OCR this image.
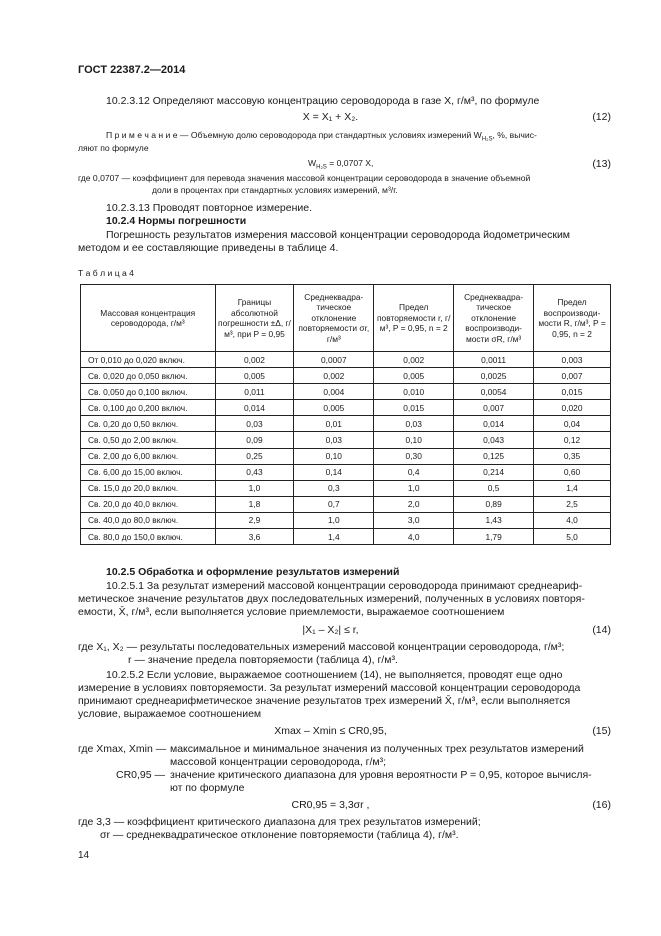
ГОСТ 22387.2—2014
10.2.3.12 Определяют массовую концентрацию сероводорода в газе X, г/м³, по формуле
X = X₁ + X₂.	(12)
П р и м е ч а н и е — Объемную долю сероводорода при стандартных условиях измерений $W_{H_2S}$, %, вычис-
ляют по формуле
$W_{H_2S} = 0,0707$ X,	(13)
где 0,0707 — коэффициент для перевода значения массовой концентрации сероводорода в значение объемной
доли в процентах при стандартных условиях измерений, м³/г.
10.2.3.13 Проводят повторное измерение.
10.2.4 Нормы погрешности
Погрешность результатов измерения массовой концентрации сероводорода йодометрическим
методом и ее составляющие приведены в таблице 4.
Т а б л и ц а 4
Массовая концентрация сероводорода, г/м³	Границы абсолютной погрешности ±Δ, г/м³, при P = 0,95	Среднеквадра-тическое отклонение повторяемости σr, г/м³	Предел повторяемости r, г/м³, P = 0,95, n = 2	Среднеквадра-тическое отклонение воспроизводи-мости σR, г/м³	Предел воспроизводи-мости R, г/м³, P = 0,95, n = 2
От 0,010 до 0,020 включ.	0,002	0,0007	0,002	0,0011	0,003
Св. 0,020 до 0,050 включ.	0,005	0,002	0,005	0,0025	0,007
Св. 0,050 до 0,100 включ.	0,011	0,004	0,010	0,0054	0,015
Св. 0,100 до 0,200 включ.	0,014	0,005	0,015	0,007	0,020
Св. 0,20 до 0,50 включ.	0,03	0,01	0,03	0,014	0,04
Св. 0,50 до 2,00 включ.	0,09	0,03	0,10	0,043	0,12
Св. 2,00 до 6,00 включ.	0,25	0,10	0,30	0,125	0,35
Св. 6,00 до 15,00 включ.	0,43	0,14	0,4	0,214	0,60
Св. 15,0 до 20,0 включ.	1,0	0,3	1,0	0,5	1,4
Св. 20,0 до 40,0 включ.	1,8	0,7	2,0	0,89	2,5
Св. 40,0 до 80,0 включ.	2,9	1,0	3,0	1,43	4,0
Св. 80,0 до 150,0 включ.	3,6	1,4	4,0	1,79	5,0
10.2.5 Обработка и оформление результатов измерений
10.2.5.1 За результат измерений массовой концентрации сероводорода принимают среднеариф-
метическое значение результатов двух последовательных измерений, полученных в условиях повторя-
емости, X̄, г/м³, если выполняется условие приемлемости, выражаемое соотношением
|X₁ – X₂| ≤ r,	(14)
где X₁, X₂ — результаты последовательных измерений массовой концентрации сероводорода, г/м³;
r — значение предела повторяемости (таблица 4), г/м³.
10.2.5.2 Если условие, выражаемое соотношением (14), не выполняется, проводят еще одно
измерение в условиях повторяемости. За результат измерений массовой концентрации сероводорода
принимают среднеарифметическое значение результатов трех измерений X̄, г/м³, если выполняется
условие, выражаемое соотношением
Xmax – Xmin ≤ CR0,95,	(15)
где Xmax, Xmin — максимальное и минимальное значения из полученных трех результатов измерений
массовой концентрации сероводорода, г/м³;
CR0,95 — значение критического диапазона для уровня вероятности P = 0,95, которое вычисля-
ют по формуле
CR0,95 = 3,3σr ,	(16)
где 3,3 — коэффициент критического диапазона для трех результатов измерений;
σr — среднеквадратическое отклонение повторяемости (таблица 4), г/м³.
14
